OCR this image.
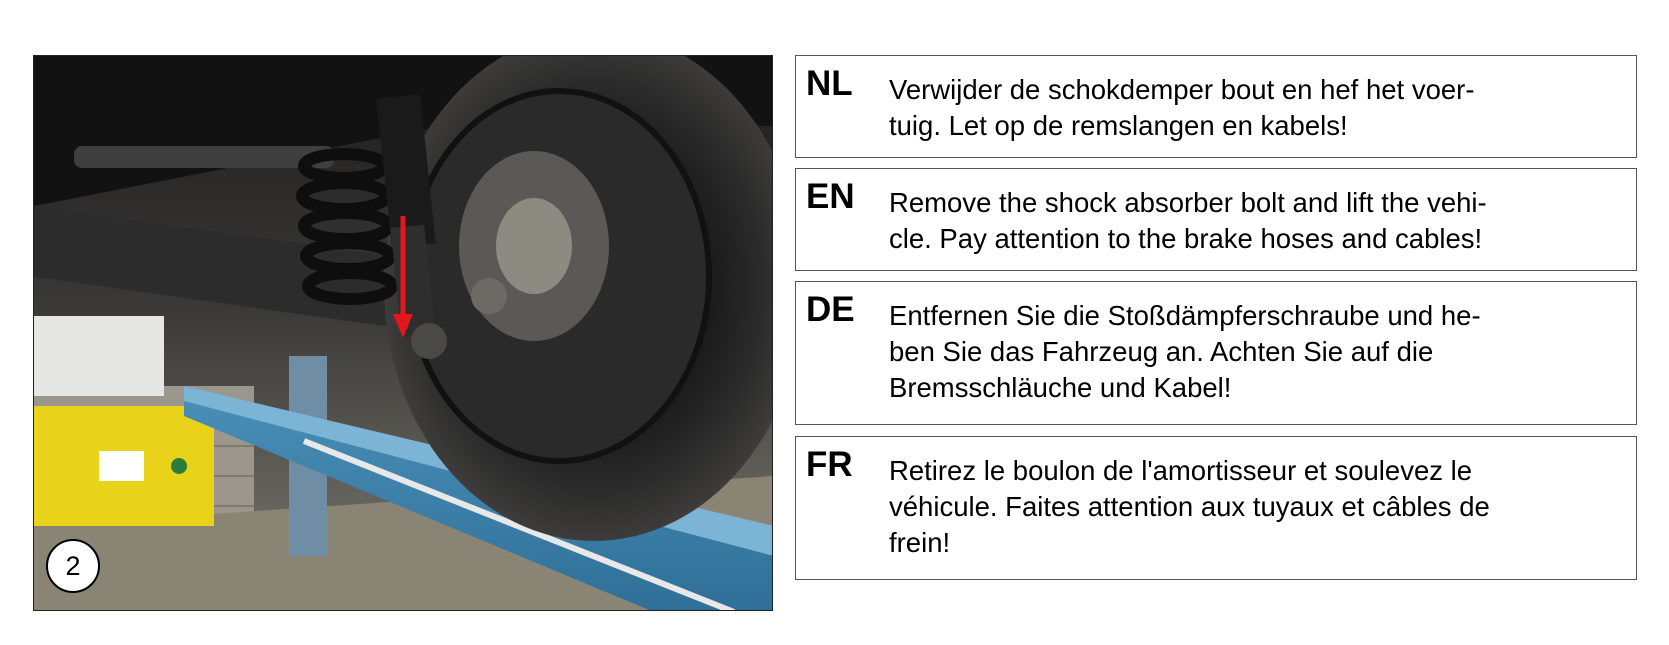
2
NL Verwijder de schokdemper bout en hef het voer-
tuig. Let op de remslangen en kabels!
EN Remove the shock absorber bolt and lift the vehi-
cle. Pay attention to the brake hoses and cables!
DE Entfernen Sie die Stoßdämpferschraube und he-
ben Sie das Fahrzeug an. Achten Sie auf die
Bremsschläuche und Kabel!
FR Retirez le boulon de l'amortisseur et soulevez le
véhicule. Faites attention aux tuyaux et câbles de
frein!
